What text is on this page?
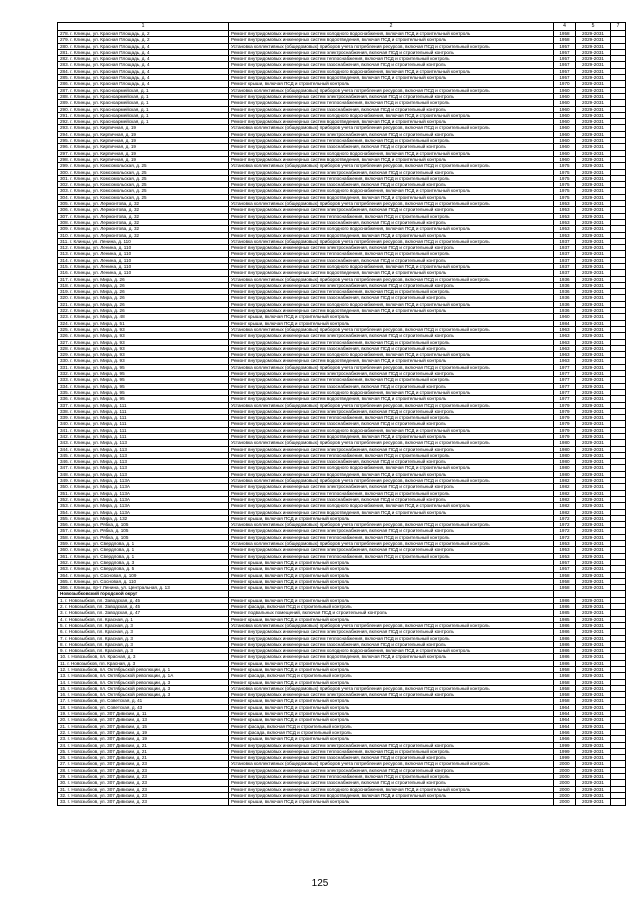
1	2	4	5	7
278. г. Клинцы, ул. Красная Площадь, д. 2	Ремонт внутридомовых инженерных систем холодного водоснабжения, включая ПСД и строительный контроль	1958	2029-2031	
279. г. Клинцы, ул. Красная Площадь, д. 2	Ремонт внутридомовых инженерных систем водоотведения, включая ПСД и строительный контроль	1958	2029-2031	
280. г. Клинцы, ул. Красная Площадь, д. 4	Установка коллективных (общедомовых) приборов учета потребления ресурсов, включая ПСД и строительный контроль	1957	2029-2031	
281. г. Клинцы, ул. Красная Площадь, д. 4	Ремонт внутридомовых инженерных систем электроснабжения, включая ПСД и строительный контроль	1957	2029-2031	
282. г. Клинцы, ул. Красная Площадь, д. 4	Ремонт внутридомовых инженерных систем теплоснабжения, включая ПСД и строительный контроль	1957	2029-2031	
283. г. Клинцы, ул. Красная Площадь, д. 4	Ремонт внутридомовых инженерных систем газоснабжения, включая ПСД и строительный контроль	1957	2029-2031	
284. г. Клинцы, ул. Красная Площадь, д. 4	Ремонт внутридомовых инженерных систем холодного водоснабжения, включая ПСД и строительный контроль	1957	2029-2031	
285. г. Клинцы, ул. Красная Площадь, д. 4	Ремонт внутридомовых инженерных систем водоотведения, включая ПСД и строительный контроль	1957	2029-2031	
286. г. Клинцы, ул. Красная Площадь, д. 4	Ремонт крыши, включая ПСД и строительный контроль	1970	2029-2031	
287. г. Клинцы, ул. Красноармейская, д. 1	Установка коллективных (общедомовых) приборов учета потребления ресурсов, включая ПСД и строительный контроль	1960	2029-2031	
288. г. Клинцы, ул. Красноармейская, д. 1	Ремонт внутридомовых инженерных систем электроснабжения, включая ПСД и строительный контроль	1960	2029-2031	
289. г. Клинцы, ул. Красноармейская, д. 1	Ремонт внутридомовых инженерных систем теплоснабжения, включая ПСД и строительный контроль	1960	2029-2031	
290. г. Клинцы, ул. Красноармейская, д. 1	Ремонт внутридомовых инженерных систем газоснабжения, включая ПСД и строительный контроль	1960	2029-2031	
291. г. Клинцы, ул. Красноармейская, д. 1	Ремонт внутридомовых инженерных систем холодного водоснабжения, включая ПСД и строительный контроль	1960	2029-2031	
292. г. Клинцы, ул. Красноармейская, д. 1	Ремонт внутридомовых инженерных систем водоотведения, включая ПСД и строительный контроль	1960	2029-2031	
293. г. Клинцы, ул. Кирпичная, д. 19	Установка коллективных (общедомовых) приборов учета потребления ресурсов, включая ПСД и строительный контроль	1960	2029-2031	
294. г. Клинцы, ул. Кирпичная, д. 19	Ремонт внутридомовых инженерных систем электроснабжения, включая ПСД и строительный контроль	1960	2029-2031	
295. г. Клинцы, ул. Кирпичная, д. 19	Ремонт внутридомовых инженерных систем теплоснабжения, включая ПСД и строительный контроль	1960	2029-2031	
296. г. Клинцы, ул. Кирпичная, д. 19	Ремонт внутридомовых инженерных систем газоснабжения, включая ПСД и строительный контроль	1960	2029-2031	
297. г. Клинцы, ул. Кирпичная, д. 19	Ремонт внутридомовых инженерных систем холодного водоснабжения, включая ПСД и строительный контроль	1960	2029-2031	
298. г. Клинцы, ул. Кирпичная, д. 19	Ремонт внутридомовых инженерных систем водоотведения, включая ПСД и строительный контроль	1960	2029-2031	
299. г. Клинцы, ул. Комсомольская, д. 25	Установка коллективных (общедомовых) приборов учета потребления ресурсов, включая ПСД и строительный контроль	1975	2029-2031	
300. г. Клинцы, ул. Комсомольская, д. 25	Ремонт внутридомовых инженерных систем электроснабжения, включая ПСД и строительный контроль	1975	2029-2031	
301. г. Клинцы, ул. Комсомольская, д. 25	Ремонт внутридомовых инженерных систем теплоснабжения, включая ПСД и строительный контроль	1975	2029-2031	
302. г. Клинцы, ул. Комсомольская, д. 25	Ремонт внутридомовых инженерных систем газоснабжения, включая ПСД и строительный контроль	1975	2029-2031	
303. г. Клинцы, ул. Комсомольская, д. 25	Ремонт внутридомовых инженерных систем холодного водоснабжения, включая ПСД и строительный контроль	1975	2029-2031	
304. г. Клинцы, ул. Комсомольская, д. 25	Ремонт внутридомовых инженерных систем водоотведения, включая ПСД и строительный контроль	1975	2029-2031	
305. г. Клинцы, ул. Лермонтова, д. 32	Установка коллективных (общедомовых) приборов учета потребления ресурсов, включая ПСД и строительный контроль	1953	2029-2031	
306. г. Клинцы, ул. Лермонтова, д. 32	Ремонт внутридомовых инженерных систем электроснабжения, включая ПСД и строительный контроль	1953	2029-2031	
307. г. Клинцы, ул. Лермонтова, д. 32	Ремонт внутридомовых инженерных систем теплоснабжения, включая ПСД и строительный контроль	1953	2029-2031	
308. г. Клинцы, ул. Лермонтова, д. 32	Ремонт внутридомовых инженерных систем газоснабжения, включая ПСД и строительный контроль	1953	2029-2031	
309. г. Клинцы, ул. Лермонтова, д. 32	Ремонт внутридомовых инженерных систем холодного водоснабжения, включая ПСД и строительный контроль	1953	2029-2031	
310. г. Клинцы, ул. Лермонтова, д. 32	Ремонт внутридомовых инженерных систем водоотведения, включая ПСД и строительный контроль	1953	2029-2031	
311. г. Клинцы, ул. Ленина, д. 110	Установка коллективных (общедомовых) приборов учета потребления ресурсов, включая ПСД и строительный контроль	1937	2029-2031	
312. г. Клинцы, ул. Ленина, д. 110	Ремонт внутридомовых инженерных систем электроснабжения, включая ПСД и строительный контроль	1937	2029-2031	
313. г. Клинцы, ул. Ленина, д. 110	Ремонт внутридомовых инженерных систем теплоснабжения, включая ПСД и строительный контроль	1937	2029-2031	
314. г. Клинцы, ул. Ленина, д. 110	Ремонт внутридомовых инженерных систем газоснабжения, включая ПСД и строительный контроль	1937	2029-2031	
315. г. Клинцы, ул. Ленина, д. 110	Ремонт внутридомовых инженерных систем холодного водоснабжения, включая ПСД и строительный контроль	1937	2029-2031	
316. г. Клинцы, ул. Ленина, д. 110	Ремонт внутридомовых инженерных систем водоотведения, включая ПСД и строительный контроль	1937	2029-2031	
317. г. Клинцы, ул. Мира, д. 26	Установка коллективных (общедомовых) приборов учета потребления ресурсов, включая ПСД и строительный контроль	1936	2029-2031	
318. г. Клинцы, ул. Мира, д. 26	Ремонт внутридомовых инженерных систем электроснабжения, включая ПСД и строительный контроль	1936	2029-2031	
319. г. Клинцы, ул. Мира, д. 26	Ремонт внутридомовых инженерных систем теплоснабжения, включая ПСД и строительный контроль	1936	2029-2031	
320. г. Клинцы, ул. Мира, д. 26	Ремонт внутридомовых инженерных систем газоснабжения, включая ПСД и строительный контроль	1936	2029-2031	
321. г. Клинцы, ул. Мира, д. 26	Ремонт внутридомовых инженерных систем холодного водоснабжения, включая ПСД и строительный контроль	1936	2029-2031	
322. г. Клинцы, ул. Мира, д. 26	Ремонт внутридомовых инженерных систем водоотведения, включая ПСД и строительный контроль	1936	2029-2031	
323. г. Клинцы, ул. Мира, д. 48	Ремонт крыши, включая ПСД и строительный контроль	1960	2029-2031	
324. г. Клинцы, ул. Мира, д. 51	Ремонт крыши, включая ПСД и строительный контроль	1984	2029-2031	
325. г. Клинцы, ул. Мира, д. 93	Установка коллективных (общедомовых) приборов учета потребления ресурсов, включая ПСД и строительный контроль	1963	2029-2031	
326. г. Клинцы, ул. Мира, д. 93	Ремонт внутридомовых инженерных систем электроснабжения, включая ПСД и строительный контроль	1963	2029-2031	
327. г. Клинцы, ул. Мира, д. 93	Ремонт внутридомовых инженерных систем теплоснабжения, включая ПСД и строительный контроль	1963	2029-2031	
328. г. Клинцы, ул. Мира, д. 93	Ремонт внутридомовых инженерных систем газоснабжения, включая ПСД и строительный контроль	1963	2029-2031	
329. г. Клинцы, ул. Мира, д. 93	Ремонт внутридомовых инженерных систем холодного водоснабжения, включая ПСД и строительный контроль	1963	2029-2031	
330. г. Клинцы, ул. Мира, д. 93	Ремонт внутридомовых инженерных систем водоотведения, включая ПСД и строительный контроль	1963	2029-2031	
331. г. Клинцы, ул. Мира, д. 95	Установка коллективных (общедомовых) приборов учета потребления ресурсов, включая ПСД и строительный контроль	1977	2029-2031	
332. г. Клинцы, ул. Мира, д. 95	Ремонт внутридомовых инженерных систем электроснабжения, включая ПСД и строительный контроль	1977	2029-2031	
333. г. Клинцы, ул. Мира, д. 95	Ремонт внутридомовых инженерных систем теплоснабжения, включая ПСД и строительный контроль	1977	2029-2031	
334. г. Клинцы, ул. Мира, д. 95	Ремонт внутридомовых инженерных систем газоснабжения, включая ПСД и строительный контроль	1977	2029-2031	
335. г. Клинцы, ул. Мира, д. 95	Ремонт внутридомовых инженерных систем холодного водоснабжения, включая ПСД и строительный контроль	1977	2029-2031	
336. г. Клинцы, ул. Мира, д. 95	Ремонт внутридомовых инженерных систем водоотведения, включая ПСД и строительный контроль	1977	2029-2031	
337. г. Клинцы, ул. Мира, д. 111	Установка коллективных (общедомовых) приборов учета потребления ресурсов, включая ПСД и строительный контроль	1979	2029-2031	
338. г. Клинцы, ул. Мира, д. 111	Ремонт внутридомовых инженерных систем электроснабжения, включая ПСД и строительный контроль	1979	2029-2031	
339. г. Клинцы, ул. Мира, д. 111	Ремонт внутридомовых инженерных систем теплоснабжения, включая ПСД и строительный контроль	1979	2029-2031	
340. г. Клинцы, ул. Мира, д. 111	Ремонт внутридомовых инженерных систем газоснабжения, включая ПСД и строительный контроль	1979	2029-2031	
341. г. Клинцы, ул. Мира, д. 111	Ремонт внутридомовых инженерных систем холодного водоснабжения, включая ПСД и строительный контроль	1979	2029-2031	
342. г. Клинцы, ул. Мира, д. 111	Ремонт внутридомовых инженерных систем водоотведения, включая ПСД и строительный контроль	1979	2029-2031	
343. г. Клинцы, ул. Мира, д. 113	Установка коллективных (общедомовых) приборов учета потребления ресурсов, включая ПСД и строительный контроль	1980	2029-2031	
344. г. Клинцы, ул. Мира, д. 113	Ремонт внутридомовых инженерных систем электроснабжения, включая ПСД и строительный контроль	1980	2029-2031	
345. г. Клинцы, ул. Мира, д. 113	Ремонт внутридомовых инженерных систем теплоснабжения, включая ПСД и строительный контроль	1980	2029-2031	
346. г. Клинцы, ул. Мира, д. 113	Ремонт внутридомовых инженерных систем газоснабжения, включая ПСД и строительный контроль	1980	2029-2031	
347. г. Клинцы, ул. Мира, д. 113	Ремонт внутридомовых инженерных систем холодного водоснабжения, включая ПСД и строительный контроль	1980	2029-2031	
348. г. Клинцы, ул. Мира, д. 113	Ремонт внутридомовых инженерных систем водоотведения, включая ПСД и строительный контроль	1980	2029-2031	
349. г. Клинцы, ул. Мира, д. 113А	Установка коллективных (общедомовых) приборов учета потребления ресурсов, включая ПСД и строительный контроль	1982	2029-2031	
350. г. Клинцы, ул. Мира, д. 113А	Ремонт внутридомовых инженерных систем электроснабжения, включая ПСД и строительный контроль	1982	2029-2031	
351. г. Клинцы, ул. Мира, д. 113А	Ремонт внутридомовых инженерных систем теплоснабжения, включая ПСД и строительный контроль	1982	2029-2031	
352. г. Клинцы, ул. Мира, д. 113А	Ремонт внутридомовых инженерных систем газоснабжения, включая ПСД и строительный контроль	1982	2029-2031	
353. г. Клинцы, ул. Мира, д. 113А	Ремонт внутридомовых инженерных систем холодного водоснабжения, включая ПСД и строительный контроль	1982	2029-2031	
354. г. Клинцы, ул. Мира, д. 113А	Ремонт внутридомовых инженерных систем водоотведения, включая ПСД и строительный контроль	1982	2029-2031	
355. г. Клинцы, ул. Мира, д. 132	Ремонт крыши, включая ПСД и строительный контроль	1972	2029-2031	
356. г. Клинцы, ул. Рябка, д. 105	Установка коллективных (общедомовых) приборов учета потребления ресурсов, включая ПСД и строительный контроль	1972	2029-2031	
357. г. Клинцы, ул. Рябка, д. 105	Ремонт внутридомовых инженерных систем электроснабжения, включая ПСД и строительный контроль	1972	2029-2031	
358. г. Клинцы, ул. Рябка, д. 105	Ремонт внутридомовых инженерных систем теплоснабжения, включая ПСД и строительный контроль	1972	2029-2031	
359. г. Клинцы, ул. Свердлова, д. 1	Установка коллективных (общедомовых) приборов учета потребления ресурсов, включая ПСД и строительный контроль	1953	2029-2031	
360. г. Клинцы, ул. Свердлова, д. 1	Ремонт внутридомовых инженерных систем электроснабжения, включая ПСД и строительный контроль	1953	2029-2031	
361. г. Клинцы, ул. Свердлова, д. 1	Ремонт внутридомовых инженерных систем теплоснабжения, включая ПСД и строительный контроль	1953	2029-2031	
362. г. Клинцы, ул. Свердлова, д. 3	Ремонт крыши, включая ПСД и строительный контроль	1957	2029-2031	
363. г. Клинцы, ул. Свердлова, д. 5	Ремонт крыши, включая ПСД и строительный контроль	1957	2029-2031	
364. г. Клинцы, ул. Сосновая, д. 109	Ремонт крыши, включая ПСД и строительный контроль	1958	2029-2031	
365. г. Клинцы, ул. Сосновая, д. 110	Ремонт крыши, включая ПСД и строительный контроль	1958	2029-2031	
366. г. Клинцы, пр-т Ленина, ул. Центральная, д. 13	Ремонт крыши, включая ПСД и строительный контроль	1958	2029-2031	
Новозыбковский городской округ				
1. г. Новозыбков, пл. Заводская, д. 45	Ремонт крыши, включая ПСД и строительный контроль	1986	2029-2031	
2. г. Новозыбков, пл. Заводская, д. 45	Ремонт фасада, включая ПСД и строительный контроль	1986	2029-2031	
3. г. Новозыбков, пл. Заводская, д. 47	Ремонт подвальных помещений, включая ПСД и строительный контроль	1985	2029-2031	
4. г. Новозыбков, пл. Красная, д. 1	Ремонт крыши, включая ПСД и строительный контроль	1985	2029-2031	
5. г. Новозыбков, пл. Красная, д. 3	Установка коллективных (общедомовых) приборов учета потребления ресурсов, включая ПСД и строительный контроль	1986	2029-2031	
6. г. Новозыбков, пл. Красная, д. 3	Ремонт внутридомовых инженерных систем электроснабжения, включая ПСД и строительный контроль	1986	2029-2031	
7. г. Новозыбков, пл. Красная, д. 3	Ремонт внутридомовых инженерных систем теплоснабжения, включая ПСД и строительный контроль	1986	2029-2031	
8. г. Новозыбков, пл. Красная, д. 3	Ремонт внутридомовых инженерных систем газоснабжения, включая ПСД и строительный контроль	1986	2029-2031	
9. г. Новозыбков, пл. Красная, д. 3	Ремонт внутридомовых инженерных систем холодного водоснабжения, включая ПСД и строительный контроль	1986	2029-2031	
10. г. Новозыбков, пл. Красная, д. 3	Ремонт внутридомовых инженерных систем водоотведения, включая ПСД и строительный контроль	1986	2029-2031	
11. г. Новозыбков, пл. Красная, д. 3	Ремонт крыши, включая ПСД и строительный контроль	1986	2029-2031	
12. г. Новозыбков, пл. Октябрьской революции, д. 1	Ремонт крыши, включая ПСД и строительный контроль	1958	2029-2031	
13. г. Новозыбков, пл. Октябрьской революции, д. 1А	Ремонт фасада, включая ПСД и строительный контроль	1958	2029-2031	
14. г. Новозыбков, пл. Октябрьской революции, д. 3	Ремонт крыши, включая ПСД и строительный контроль	1958	2029-2031	
15. г. Новозыбков, пл. Октябрьской революции, д. 3	Установка коллективных (общедомовых) приборов учета потребления ресурсов, включая ПСД и строительный контроль	1958	2029-2031	
16. г. Новозыбков, пл. Октябрьской революции, д. 3	Ремонт внутридомовых инженерных систем электроснабжения, включая ПСД и строительный контроль	1958	2029-2031	
17. г. Новозыбков, ул. Советская, д. 41	Ремонт крыши, включая ПСД и строительный контроль	1958	2029-2031	
18. г. Новозыбков, ул. Советская, д. 43	Ремонт крыши, включая ПСД и строительный контроль	1964	2029-2031	
19. г. Новозыбков, ул. 307 Дивизии, д. 11	Ремонт крыши, включая ПСД и строительный контроль	1964	2029-2031	
20. г. Новозыбков, ул. 307 Дивизии, д. 13	Ремонт крыши, включая ПСД и строительный контроль	1964	2029-2031	
21. г. Новозыбков, ул. 307 Дивизии, д. 15	Ремонт фасада, включая ПСД и строительный контроль	1964	2029-2031	
22. г. Новозыбков, ул. 307 Дивизии, д. 19	Ремонт фасада, включая ПСД и строительный контроль	1966	2029-2031	
23. г. Новозыбков, ул. 307 Дивизии, д. 19	Ремонт крыши, включая ПСД и строительный контроль	1966	2029-2031	
24. г. Новозыбков, ул. 307 Дивизии, д. 21	Ремонт внутридомовых инженерных систем электроснабжения, включая ПСД и строительный контроль	1999	2029-2031	
25. г. Новозыбков, ул. 307 Дивизии, д. 21	Ремонт внутридомовых инженерных систем теплоснабжения, включая ПСД и строительный контроль	1999	2029-2031	
26. г. Новозыбков, ул. 307 Дивизии, д. 21	Ремонт внутридомовых инженерных систем газоснабжения, включая ПСД и строительный контроль	1999	2029-2031	
27. г. Новозыбков, ул. 307 Дивизии, д. 23	Установка коллективных (общедомовых) приборов учета потребления ресурсов, включая ПСД и строительный контроль	2000	2029-2031	
28. г. Новозыбков, ул. 307 Дивизии, д. 23	Ремонт внутридомовых инженерных систем электроснабжения, включая ПСД и строительный контроль	2000	2029-2031	
29. г. Новозыбков, ул. 307 Дивизии, д. 23	Ремонт внутридомовых инженерных систем теплоснабжения, включая ПСД и строительный контроль	2000	2029-2031	
30. г. Новозыбков, ул. 307 Дивизии, д. 23	Ремонт внутридомовых инженерных систем газоснабжения, включая ПСД и строительный контроль	2000	2029-2031	
31. г. Новозыбков, ул. 307 Дивизии, д. 23	Ремонт внутридомовых инженерных систем холодного водоснабжения, включая ПСД и строительный контроль	2000	2029-2031	
32. г. Новозыбков, ул. 307 Дивизии, д. 23	Ремонт внутридомовых инженерных систем водоотведения, включая ПСД и строительный контроль	2000	2029-2031	
33. г. Новозыбков, ул. 307 Дивизии, д. 23	Ремонт крыши, включая ПСД и строительный контроль	2000	2029-2031	
125
